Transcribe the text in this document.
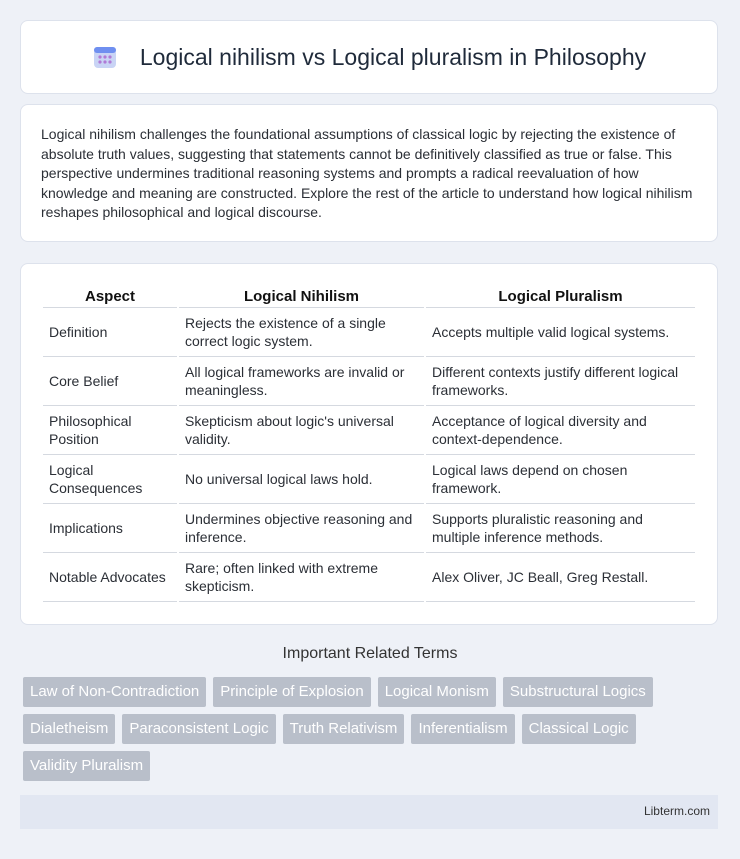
Logical nihilism vs Logical pluralism in Philosophy

Logical nihilism challenges the foundational assumptions of classical logic by rejecting the existence of absolute truth values, suggesting that statements cannot be definitively classified as true or false. This perspective undermines traditional reasoning systems and prompts a radical reevaluation of how knowledge and meaning are constructed. Explore the rest of the article to understand how logical nihilism reshapes philosophical and logical discourse.

Aspect	Logical Nihilism	Logical Pluralism
Definition	Rejects the existence of a single correct logic system.	Accepts multiple valid logical systems.
Core Belief	All logical frameworks are invalid or meaningless.	Different contexts justify different logical frameworks.
Philosophical Position	Skepticism about logic's universal validity.	Acceptance of logical diversity and context-dependence.
Logical Consequences	No universal logical laws hold.	Logical laws depend on chosen framework.
Implications	Undermines objective reasoning and inference.	Supports pluralistic reasoning and multiple inference methods.
Notable Advocates	Rare; often linked with extreme skepticism.	Alex Oliver, JC Beall, Greg Restall.
Important Related Terms
Law of Non-Contradiction	Principle of Explosion	Logical Monism	Substructural Logics
Dialetheism	Paraconsistent Logic	Truth Relativism	Inferentialism	Classical Logic
Validity Pluralism
Libterm.com
